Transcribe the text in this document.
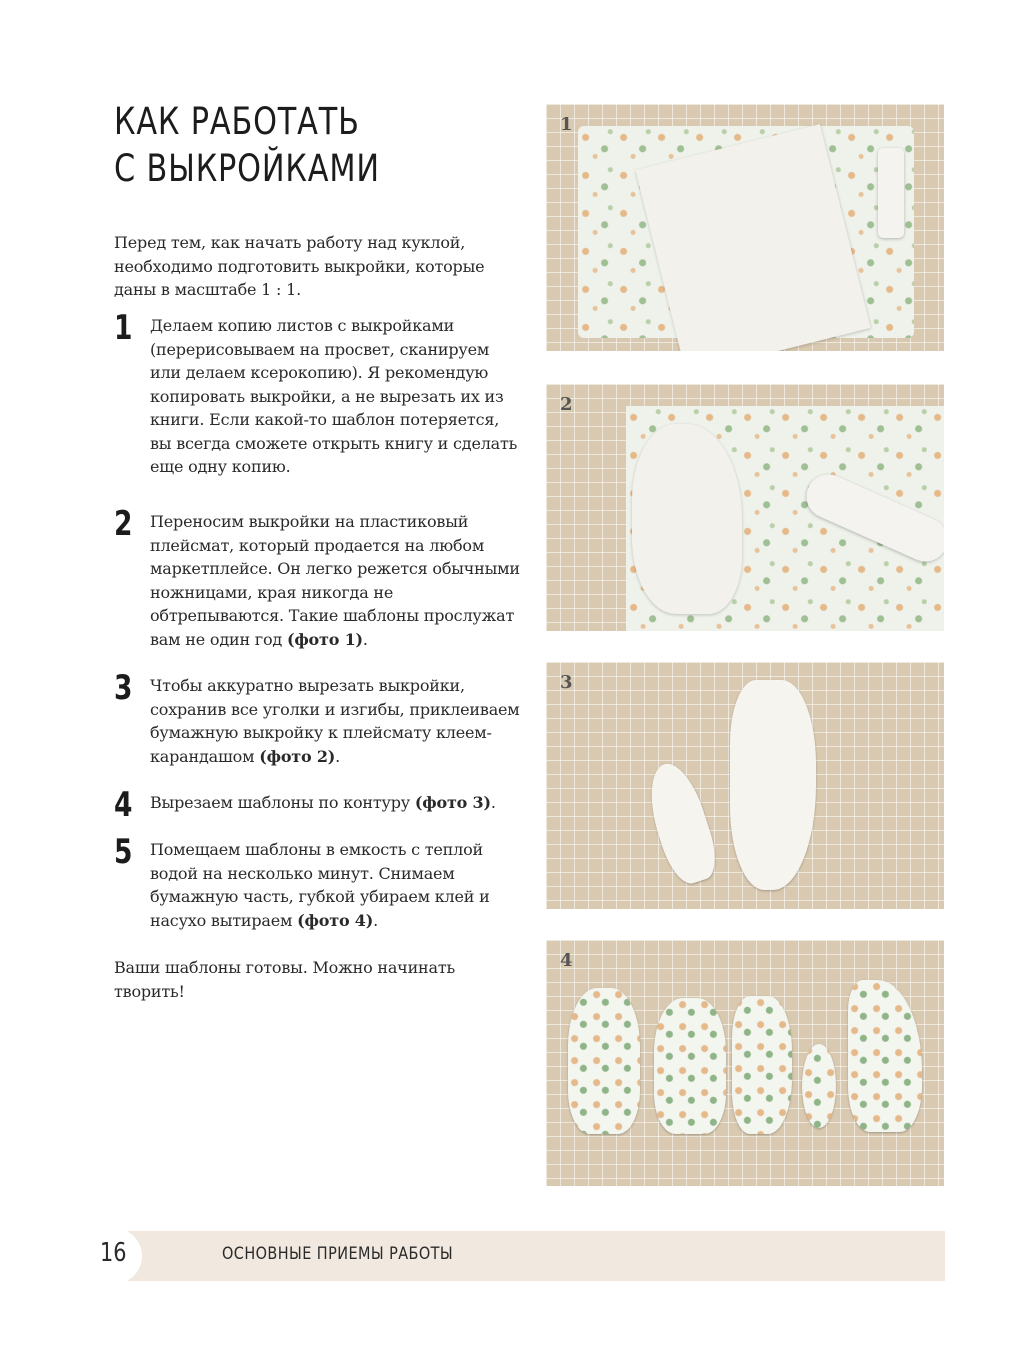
КАК РАБОТАТЬ
С ВЫКРОЙКАМИ

Перед тем, как начать работу над куклой, необходимо подготовить выкройки, которые даны в масштабе 1 : 1.

1 Делаем копию листов с выкройками (перерисовываем на просвет, сканируем или делаем ксерокопию). Я рекомендую копировать выкройки, а не вырезать их из книги. Если какой-то шаблон потеряется, вы всегда сможете открыть книгу и сделать еще одну копию.
2 Переносим выкройки на пластиковый плейсмат, который продается на любом маркетплейсе. Он легко режется обычными ножницами, края никогда не обтрепываются. Такие шаблоны прослужат вам не один год (фото 1).
3 Чтобы аккуратно вырезать выкройки, сохранив все уголки и изгибы, приклеиваем бумажную выкройку к плейсмату клеем-карандашом (фото 2).
4 Вырезаем шаблоны по контуру (фото 3).
5 Помещаем шаблоны в емкость с теплой водой на несколько минут. Снимаем бумажную часть, губкой убираем клей и насухо вытираем (фото 4).

Ваши шаблоны готовы. Можно начинать творить!

1
2
3
4
16	ОСНОВНЫЕ ПРИЕМЫ РАБОТЫ
